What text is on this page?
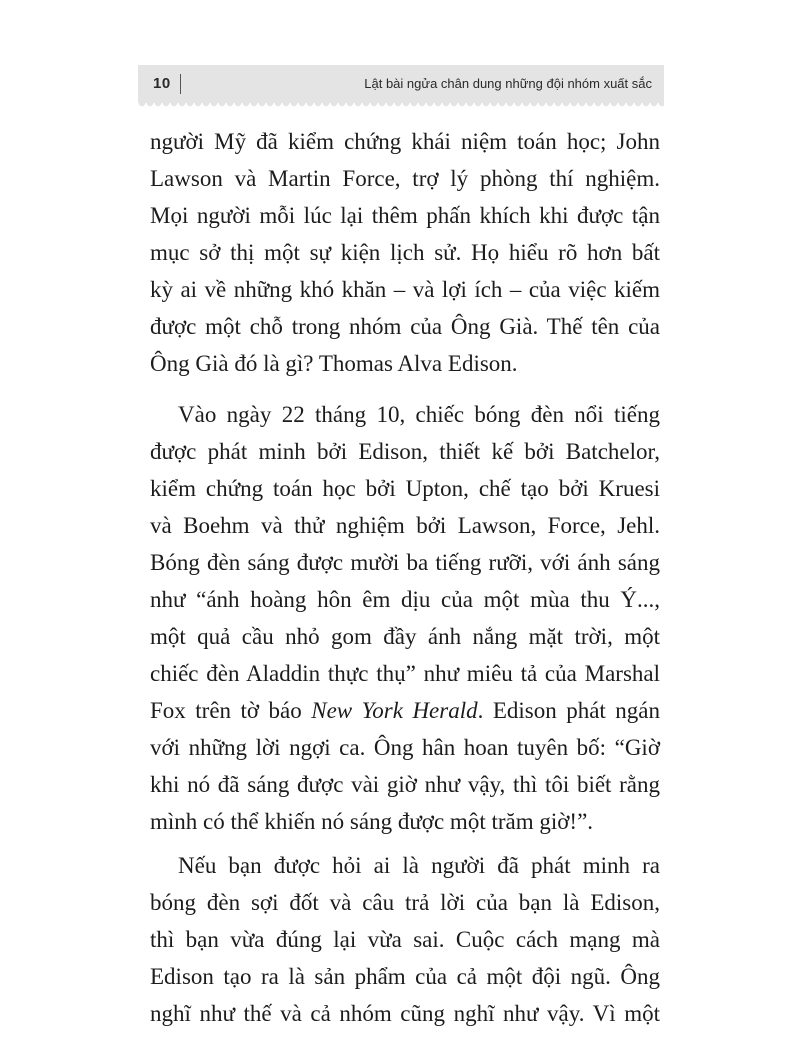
10	Lật bài ngửa chân dung những đội nhóm xuất sắc
người Mỹ đã kiểm chứng khái niệm toán học; John
Lawson và Martin Force, trợ lý phòng thí nghiệm.
Mọi người mỗi lúc lại thêm phấn khích khi được tận
mục sở thị một sự kiện lịch sử. Họ hiểu rõ hơn bất
kỳ ai về những khó khăn – và lợi ích – của việc kiếm
được một chỗ trong nhóm của Ông Già. Thế tên của
Ông Già đó là gì? Thomas Alva Edison.
Vào ngày 22 tháng 10, chiếc bóng đèn nổi tiếng
được phát minh bởi Edison, thiết kế bởi Batchelor,
kiểm chứng toán học bởi Upton, chế tạo bởi Kruesi
và Boehm và thử nghiệm bởi Lawson, Force, Jehl.
Bóng đèn sáng được mười ba tiếng rưỡi, với ánh sáng
như “ánh hoàng hôn êm dịu của một mùa thu Ý...,
một quả cầu nhỏ gom đầy ánh nắng mặt trời, một
chiếc đèn Aladdin thực thụ” như miêu tả của Marshal
Fox trên tờ báo New York Herald. Edison phát ngán
với những lời ngợi ca. Ông hân hoan tuyên bố: “Giờ
khi nó đã sáng được vài giờ như vậy, thì tôi biết rằng
mình có thể khiến nó sáng được một trăm giờ!”.
Nếu bạn được hỏi ai là người đã phát minh ra
bóng đèn sợi đốt và câu trả lời của bạn là Edison,
thì bạn vừa đúng lại vừa sai. Cuộc cách mạng mà
Edison tạo ra là sản phẩm của cả một đội ngũ. Ông
nghĩ như thế và cả nhóm cũng nghĩ như vậy. Vì một
